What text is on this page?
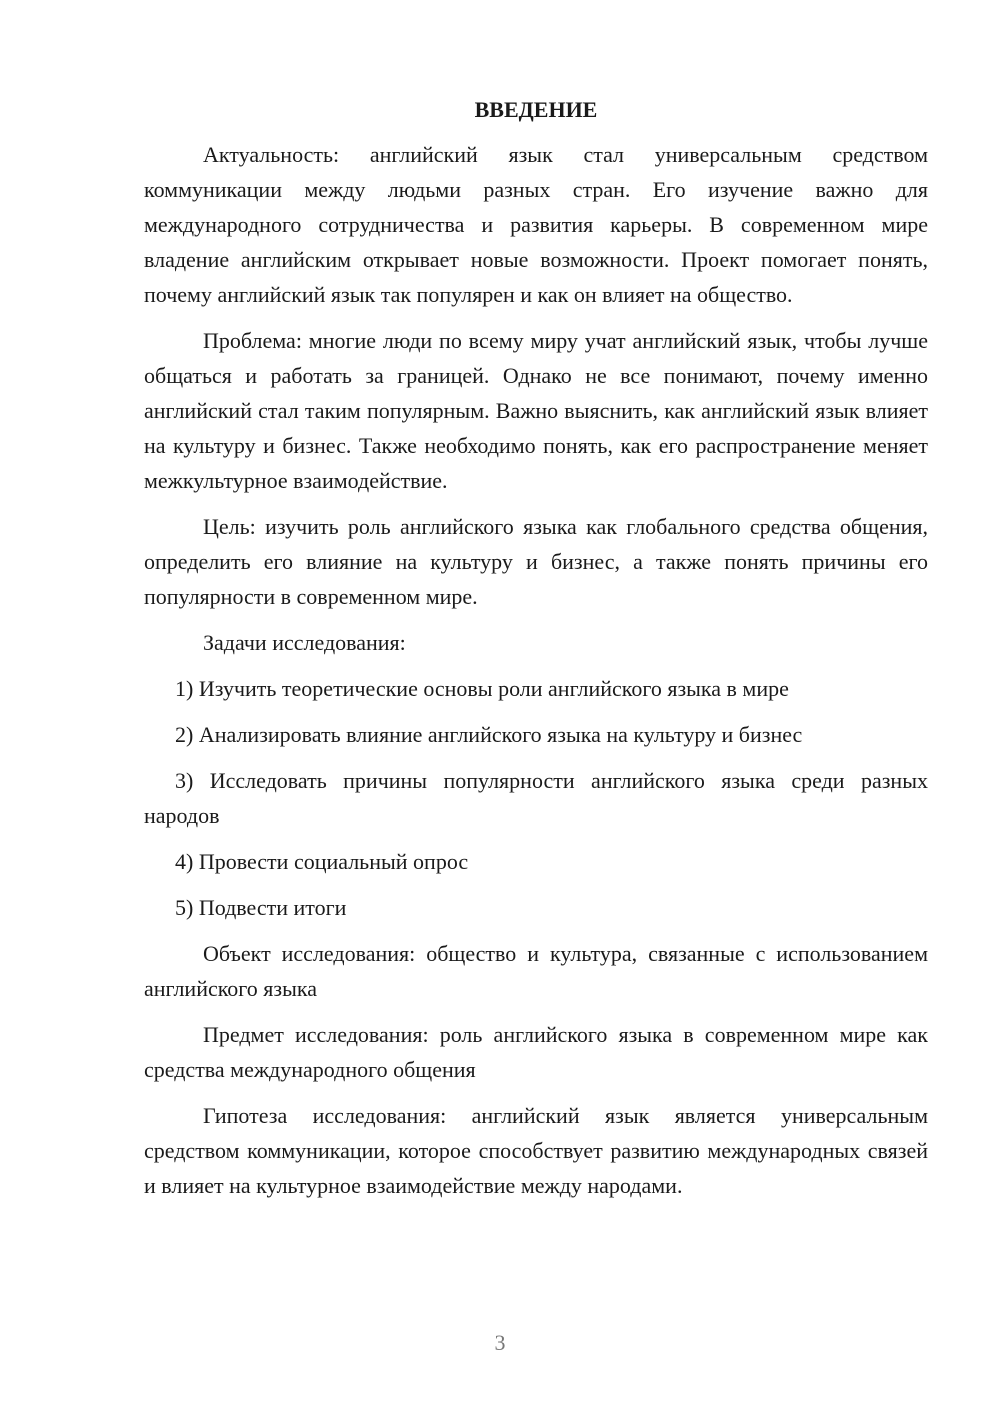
ВВЕДЕНИЕ

Актуальность: английский язык стал универсальным средством коммуникации между людьми разных стран. Его изучение важно для международного сотрудничества и развития карьеры. В современном мире владение английским открывает новые возможности. Проект помогает понять, почему английский язык так популярен и как он влияет на общество.

Проблема: многие люди по всему миру учат английский язык, чтобы лучше общаться и работать за границей. Однако не все понимают, почему именно английский стал таким популярным. Важно выяснить, как английский язык влияет на культуру и бизнес. Также необходимо понять, как его распространение меняет межкультурное взаимодействие.

Цель: изучить роль английского языка как глобального средства общения, определить его влияние на культуру и бизнес, а также понять причины его популярности в современном мире.

Задачи исследования:

1) Изучить теоретические основы роли английского языка в мире

2) Анализировать влияние английского языка на культуру и бизнес

3) Исследовать причины популярности английского языка среди разных народов

4) Провести социальный опрос

5) Подвести итоги

Объект исследования: общество и культура, связанные с использованием английского языка

Предмет исследования: роль английского языка в современном мире как средства международного общения

Гипотеза исследования: английский язык является универсальным средством коммуникации, которое способствует развитию международных связей и влияет на культурное взаимодействие между народами.

3
